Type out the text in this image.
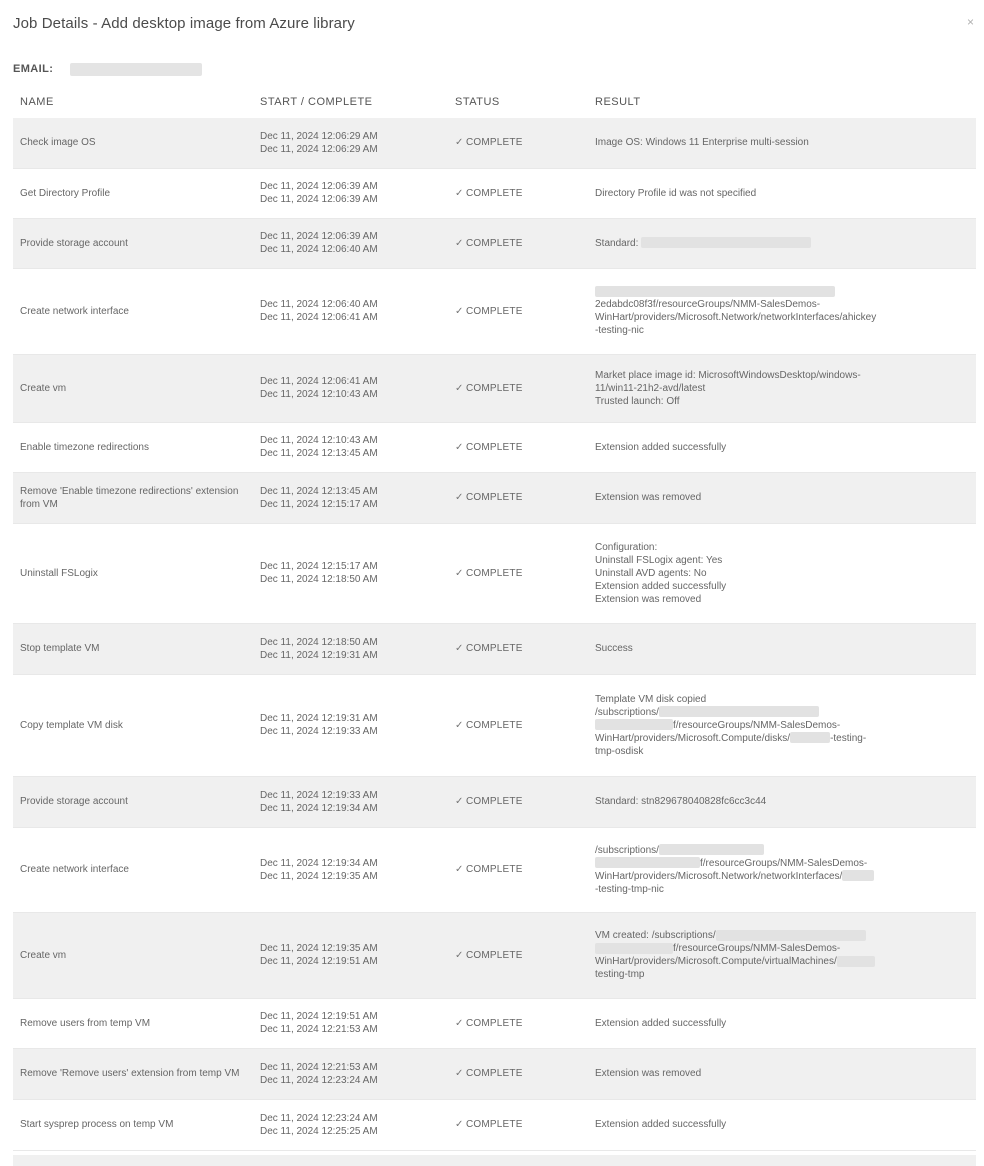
Job Details - Add desktop image from Azure library	×
EMAIL:
NAME	START / COMPLETE	STATUS	RESULT
Check image OS	Dec 11, 2024 12:06:29 AM
Dec 11, 2024 12:06:29 AM	✓ COMPLETE	Image OS: Windows 11 Enterprise multi-session

Get Directory Profile	Dec 11, 2024 12:06:39 AM
Dec 11, 2024 12:06:39 AM	✓ COMPLETE	Directory Profile id was not specified

Provide storage account	Dec 11, 2024 12:06:39 AM
Dec 11, 2024 12:06:40 AM	✓ COMPLETE	Standard:

Create network interface	Dec 11, 2024 12:06:40 AM
Dec 11, 2024 12:06:41 AM	✓ COMPLETE	2edabdc08f3f/resourceGroups/NMM-SalesDemos-
WinHart/providers/Microsoft.Network/networkInterfaces/ahickey
-testing-nic

Create vm	Dec 11, 2024 12:06:41 AM
Dec 11, 2024 12:10:43 AM	✓ COMPLETE	Market place image id: MicrosoftWindowsDesktop/windows-
11/win11-21h2-avd/latest
Trusted launch: Off

Enable timezone redirections	Dec 11, 2024 12:10:43 AM
Dec 11, 2024 12:13:45 AM	✓ COMPLETE	Extension added successfully

Remove 'Enable timezone redirections' extension from VM	Dec 11, 2024 12:13:45 AM
Dec 11, 2024 12:15:17 AM	✓ COMPLETE	Extension was removed

Uninstall FSLogix	Dec 11, 2024 12:15:17 AM
Dec 11, 2024 12:18:50 AM	✓ COMPLETE	Configuration:
Uninstall FSLogix agent: Yes
Uninstall AVD agents: No
Extension added successfully
Extension was removed

Stop template VM	Dec 11, 2024 12:18:50 AM
Dec 11, 2024 12:19:31 AM	✓ COMPLETE	Success

Copy template VM disk	Dec 11, 2024 12:19:31 AM
Dec 11, 2024 12:19:33 AM	✓ COMPLETE	Template VM disk copied
/subscriptions/
f/resourceGroups/NMM-SalesDemos-
WinHart/providers/Microsoft.Compute/disks/ -testing-
tmp-osdisk

Provide storage account	Dec 11, 2024 12:19:33 AM
Dec 11, 2024 12:19:34 AM	✓ COMPLETE	Standard: stn829678040828fc6cc3c44

Create network interface	Dec 11, 2024 12:19:34 AM
Dec 11, 2024 12:19:35 AM	✓ COMPLETE	/subscriptions/
f/resourceGroups/NMM-SalesDemos-
WinHart/providers/Microsoft.Network/networkInterfaces/
-testing-tmp-nic

Create vm	Dec 11, 2024 12:19:35 AM
Dec 11, 2024 12:19:51 AM	✓ COMPLETE	VM created: /subscriptions/
f/resourceGroups/NMM-SalesDemos-
WinHart/providers/Microsoft.Compute/virtualMachines/
testing-tmp

Remove users from temp VM	Dec 11, 2024 12:19:51 AM
Dec 11, 2024 12:21:53 AM	✓ COMPLETE	Extension added successfully

Remove 'Remove users' extension from temp VM	Dec 11, 2024 12:21:53 AM
Dec 11, 2024 12:23:24 AM	✓ COMPLETE	Extension was removed

Start sysprep process on temp VM	Dec 11, 2024 12:23:24 AM
Dec 11, 2024 12:25:25 AM	✓ COMPLETE	Extension added successfully
